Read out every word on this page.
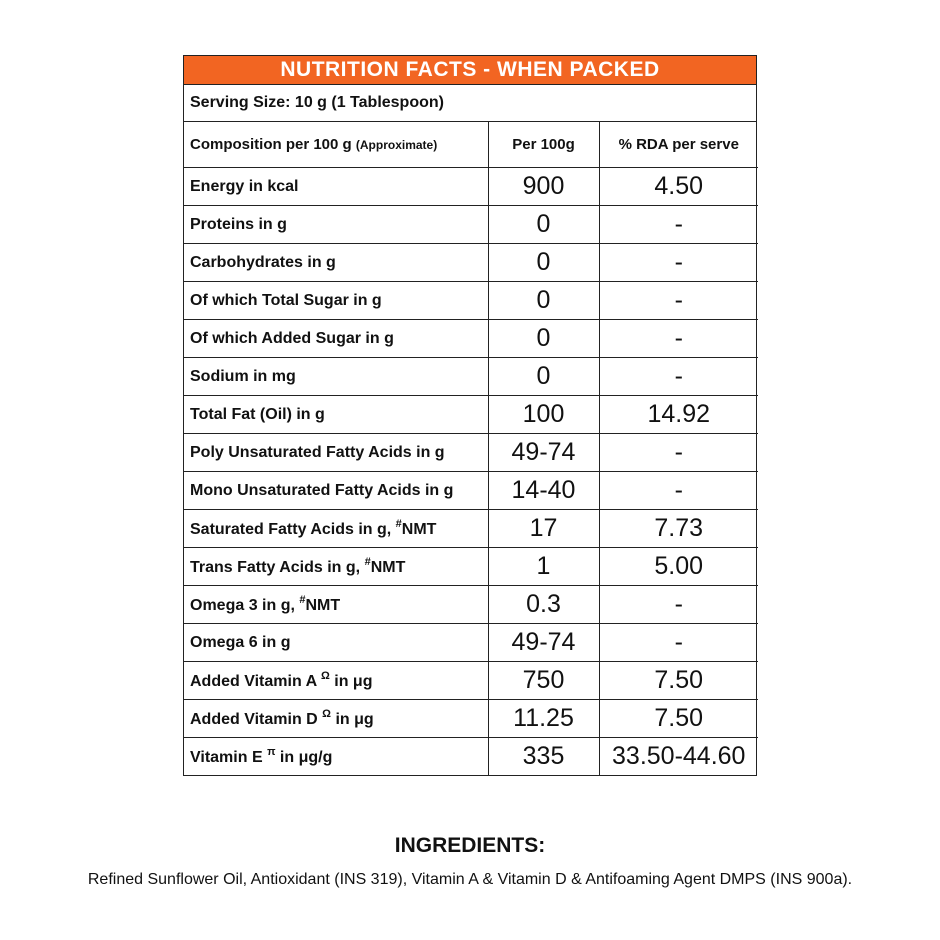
NUTRITION FACTS - WHEN PACKED
Serving Size: 10 g (1 Tablespoon)
Composition per 100 g (Approximate)	Per 100g	% RDA per serve
Energy in kcal	900	4.50
Proteins in g	0	-
Carbohydrates in g	0	-
Of which Total Sugar in g	0	-
Of which Added Sugar in g	0	-
Sodium in mg	0	-
Total Fat (Oil) in g	100	14.92
Poly Unsaturated Fatty Acids in g	49-74	-
Mono Unsaturated Fatty Acids in g	14-40	-
Saturated Fatty Acids in g, #NMT	17	7.73
Trans Fatty Acids in g, #NMT	1	5.00
Omega 3 in g, #NMT	0.3	-
Omega 6 in g	49-74	-
Added Vitamin A $^\Omega$ in μg	750	7.50
Added Vitamin D $^\Omega$ in μg	11.25	7.50
Vitamin E $^\pi$ in μg/g	335	33.50-44.60
INGREDIENTS:
Refined Sunflower Oil, Antioxidant (INS 319), Vitamin A & Vitamin D & Antifoaming Agent DMPS (INS 900a).
